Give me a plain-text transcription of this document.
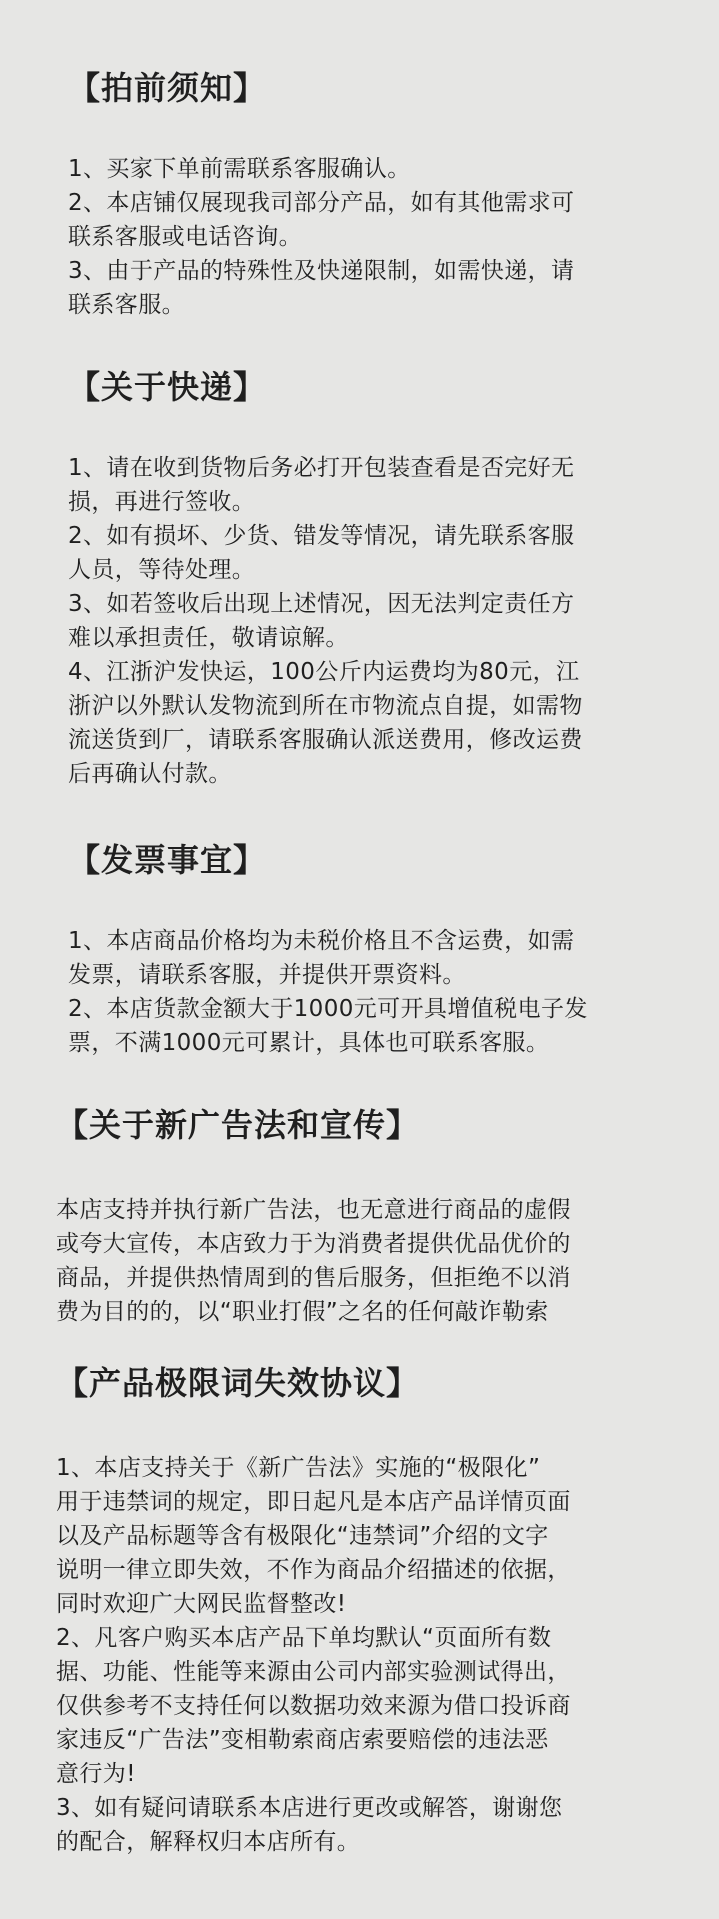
【拍前须知】
1、买家下单前需联系客服确认。
2、本店铺仅展现我司部分产品，如有其他需求可
联系客服或电话咨询。
3、由于产品的特殊性及快递限制，如需快递，请
联系客服。
【关于快递】
1、请在收到货物后务必打开包装查看是否完好无
损，再进行签收。
2、如有损坏、少货、错发等情况，请先联系客服
人员，等待处理。
3、如若签收后出现上述情况，因无法判定责任方
难以承担责任，敬请谅解。
4、江浙沪发快运，100公斤内运费均为80元，江
浙沪以外默认发物流到所在市物流点自提，如需物
流送货到厂，请联系客服确认派送费用，修改运费
后再确认付款。
【发票事宜】
1、本店商品价格均为未税价格且不含运费，如需
发票，请联系客服，并提供开票资料。
2、本店货款金额大于1000元可开具增值税电子发
票，不满1000元可累计，具体也可联系客服。
【关于新广告法和宣传】
本店支持并执行新广告法，也无意进行商品的虚假
或夸大宣传，本店致力于为消费者提供优品优价的
商品，并提供热情周到的售后服务，但拒绝不以消
费为目的的，以“职业打假”之名的任何敲诈勒索
【产品极限词失效协议】
1、本店支持关于《新广告法》实施的“极限化”
用于违禁词的规定，即日起凡是本店产品详情页面
以及产品标题等含有极限化“违禁词”介绍的文字
说明一律立即失效，不作为商品介绍描述的依据，
同时欢迎广大网民监督整改!
2、凡客户购买本店产品下单均默认“页面所有数
据、功能、性能等来源由公司内部实验测试得出，
仅供参考不支持任何以数据功效来源为借口投诉商
家违反“广告法”变相勒索商店索要赔偿的违法恶
意行为!
3、如有疑问请联系本店进行更改或解答，谢谢您
的配合，解释权归本店所有。
